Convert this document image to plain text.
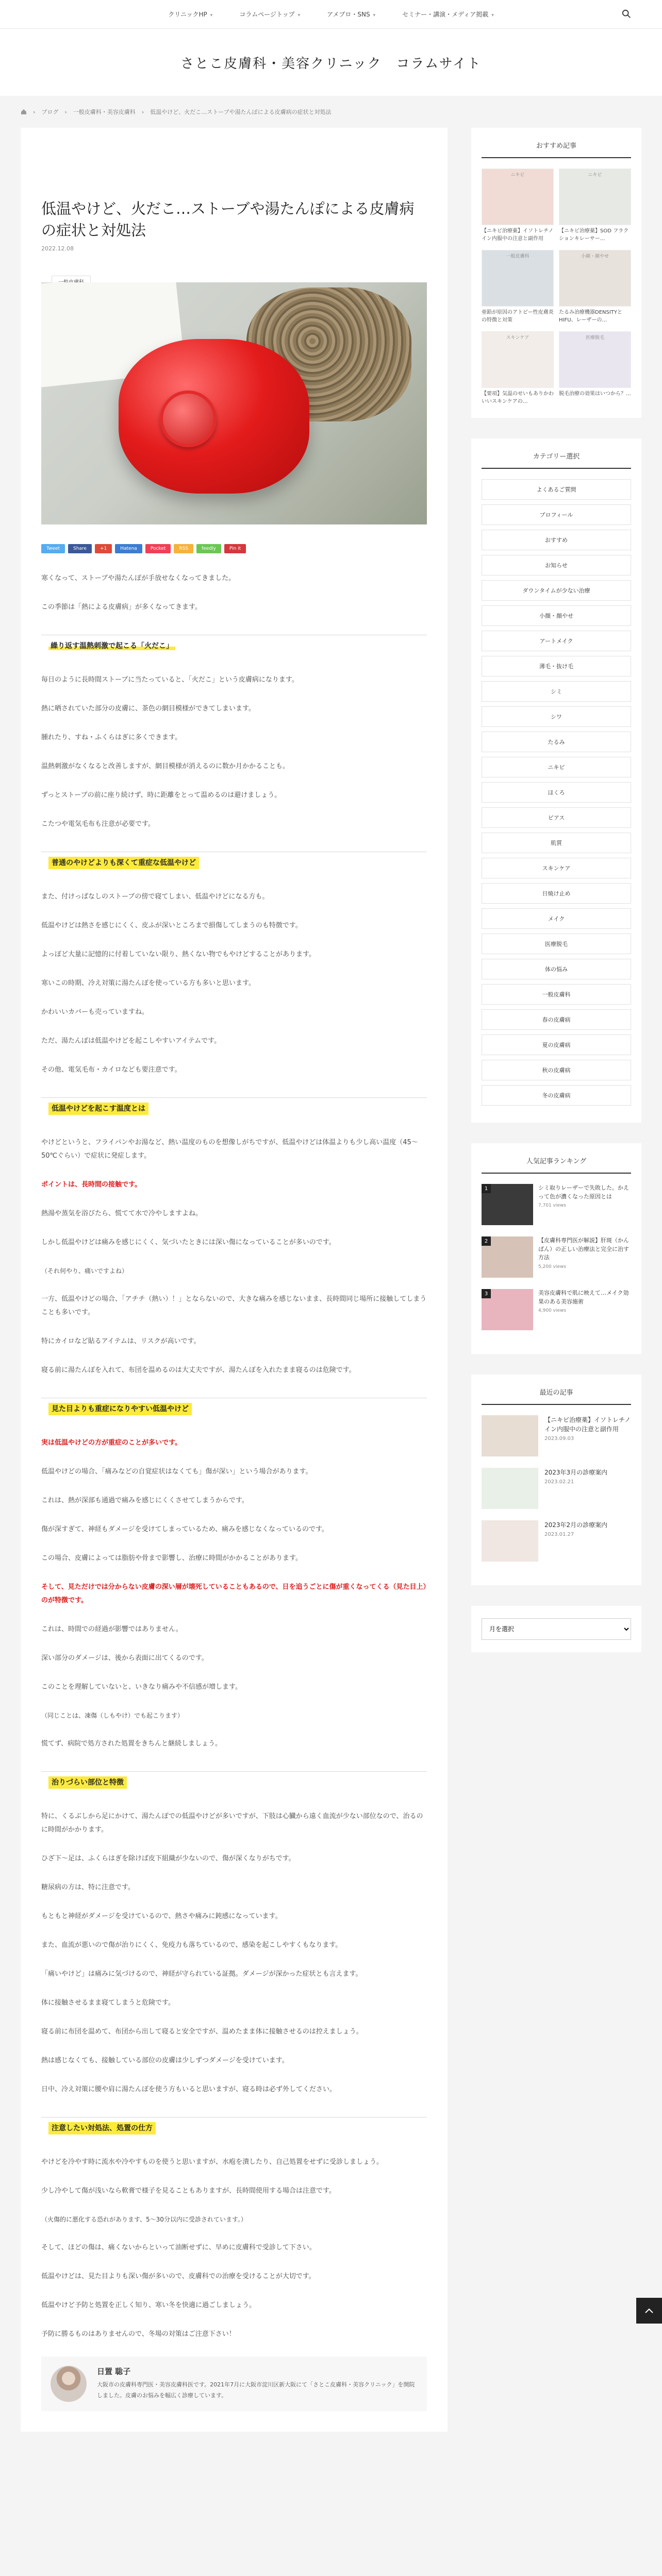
クリニックHP ▾	コラムページトップ ▾	アメブロ・SNS ▾	セミナー・講演・メディア掲載 ▾
さとこ皮膚科・美容クリニック　コラムサイト
› ブログ › 一般皮膚科・美容皮膚科 › 低温やけど、火だこ…ストーブや湯たんぽによる皮膚病の症状と対処法
低温やけど、火だこ…ストーブや湯たんぽによる皮膚病の症状と対処法
2022.12.08
Tweet	Share	+1	Hatena	Pocket	RSS	feedly	Pin it

寒くなって、ストーブや湯たんぽが手放せなくなってきました。

この季節は「熱による皮膚病」が多くなってきます。

繰り返す温熱刺激で起こる「火だこ」

毎日のように長時間ストーブに当たっていると、「火だこ」という皮膚病になります。

熱に晒されていた部分の皮膚に、茶色の網目模様ができてしまいます。

腫れたり、すね・ふくらはぎに多くできます。

温熱刺激がなくなると改善しますが、網目模様が消えるのに数か月かかることも。

ずっとストーブの前に座り続けず、時に距離をとって温めるのは避けましょう。

こたつや電気毛布も注意が必要です。

普通のやけどよりも深くて重症な低温やけど

また、付けっぱなしのストーブの傍で寝てしまい、低温やけどになる方も。

低温やけどは熱さを感じにくく、皮ふが深いところまで損傷してしまうのも特徴です。

よっぽど大量に記憶的に付着していない限り、熱くない物でもやけどすることがあります。

寒いこの時期、冷え対策に湯たんぽを使っている方も多いと思います。

かわいいカバーも売っていますね。

ただ、湯たんぽは低温やけどを起こしやすいアイテムです。

その他、電気毛布・カイロなども要注意です。

低温やけどを起こす温度とは

やけどというと、フライパンやお湯など、熱い温度のものを想像しがちですが、低温やけどは体温よりも少し高い温度（45〜50℃ぐらい）で症状に発症します。

ポイントは、長時間の接触です。

熱湯や蒸気を浴びたら、慌てて水で冷やしますよね。

しかし低温やけどは痛みを感じにくく、気づいたときには深い傷になっていることが多いのです。

（それ何やり、痛いですよね）

一方、低温やけどの場合、「アチチ（熱い）！」とならないので、大きな痛みを感じないまま、長時間同じ場所に接触してしまうことも多いです。

特にカイロなど貼るアイテムは、リスクが高いです。

寝る前に湯たんぽを入れて、布団を温めるのは大丈夫ですが、湯たんぽを入れたまま寝るのは危険です。

見た目よりも重症になりやすい低温やけど

実は低温やけどの方が重症のことが多いです。

低温やけどの場合、「痛みなどの自覚症状はなくても」傷が深い」という場合があります。

これは、熱が深部も通過で痛みを感じにくくさせてしまうからです。

傷が深すぎて、神経もダメージを受けてしまっているため、痛みを感じなくなっているのです。

この場合、皮膚によっては脂肪や骨まで影響し、治療に時間がかかることがあります。

そして、見ただけでは分からない皮膚の深い層が壊死していることもあるので、日を追うごとに傷が重くなってくる（見た目上）のが特徴です。

これは、時間での経過が影響ではありません。

深い部分のダメージは、後から表面に出てくるのです。

このことを理解していないと、いきなり痛みや不信感が増します。

（同じことは、凍傷（しもやけ）でも起こります）

慌てず、病院で処方された処置をきちんと継続しましょう。

治りづらい部位と特徴

特に、くるぶしから足にかけて、湯たんぽでの低温やけどが多いですが、下肢は心臓から遠く血流が少ない部位なので、治るのに時間がかかります。

ひざ下〜足は、ふくらはぎを除けば皮下組織が少ないので、傷が深くなりがちです。

糖尿病の方は、特に注意です。

もともと神経がダメージを受けているので、熱さや痛みに鈍感になっています。

また、血流が悪いので傷が治りにくく、免疫力も落ちているので、感染を起こしやすくもなります。

「痛いやけど」は痛みに気づけるので、神経が守られている証拠。ダメージが深かった症状とも言えます。

体に接触させるまま寝てしまうと危険です。

寝る前に布団を温めて、布団から出して寝ると安全ですが、温めたまま体に接触させるのは控えましょう。

熱は感じなくても、接触している部位の皮膚は少しずつダメージを受けています。

日中、冷え対策に腰や肩に湯たんぽを使う方もいると思いますが、寝る時は必ず外してください。

注意したい対処法、処置の仕方

やけどを冷やす時に流水や冷やすものを使うと思いますが、水疱を潰したり、自己処置をせずに受診しましょう。

少し冷やして傷が浅いなら軟膏で様子を見ることもありますが、長時間使用する場合は注意です。

（火傷的に悪化する恐れがあります、5〜30分以内に受診されています。）

そして、ほどの傷は、痛くないからといって油断せずに、早めに皮膚科で受診して下さい。

低温やけどは、見た目よりも深い傷が多いので、皮膚科での治療を受けることが大切です。

低温やけど予防と処置を正しく知り、寒い冬を快適に過ごしましょう。

予防に勝るものはありませんので、冬場の対策はご注意下さい！

日置 聡子
大阪市の皮膚科専門医・美容皮膚科医です。2021年7月に大阪市淀川区新大阪にて「さとこ皮膚科・美容クリニック」を開院しました。皮膚のお悩みを幅広く診療しています。
おすすめ記事
ニキビ
【ニキビ治療薬】イソトレチノイン内服中の注意と副作用
ニキビ
【ニキビ治療薬】SOD フラクションキレーサー…
一般皮膚科
亜鉛が原因のアトピー性皮膚炎の特徴と対策
小顔・顔やせ
たるみ治療機器DENSITYとHIFU、レーザーの…
スキンケア
【要項】気温のせいもありかわいいスキンケアの…
医療脱毛
脱毛治療の効果はいつから？…
カテゴリー選択
よくあるご質問
プロフィール
おすすめ
お知らせ
ダウンタイムが少ない治療
小顔・顔やせ
アートメイク
薄毛・抜け毛
シミ
シワ
たるみ
ニキビ
ほくろ
ピアス
肌質
スキンケア
日焼け止め
メイク
医療脱毛
体の悩み
一般皮膚科
春の皮膚病
夏の皮膚病
秋の皮膚病
冬の皮膚病
人気記事ランキング
1	シミ取りレーザーで失敗した。かえって色が濃くなった原因とは
7,701 views
2	【皮膚科専門医が解説】肝斑（かんぱん）の正しい治療法と完全に治す方法
5,200 views
3	美容皮膚科で肌に映えて…メイク効果のある美容施術
4,900 views
最近の記事
【ニキビ治療薬】イソトレチノイン内服中の注意と副作用
2023.09.03
2023年3月の診療案内
2023.02.21
2023年2月の診療案内
2023.01.27
月を選択
